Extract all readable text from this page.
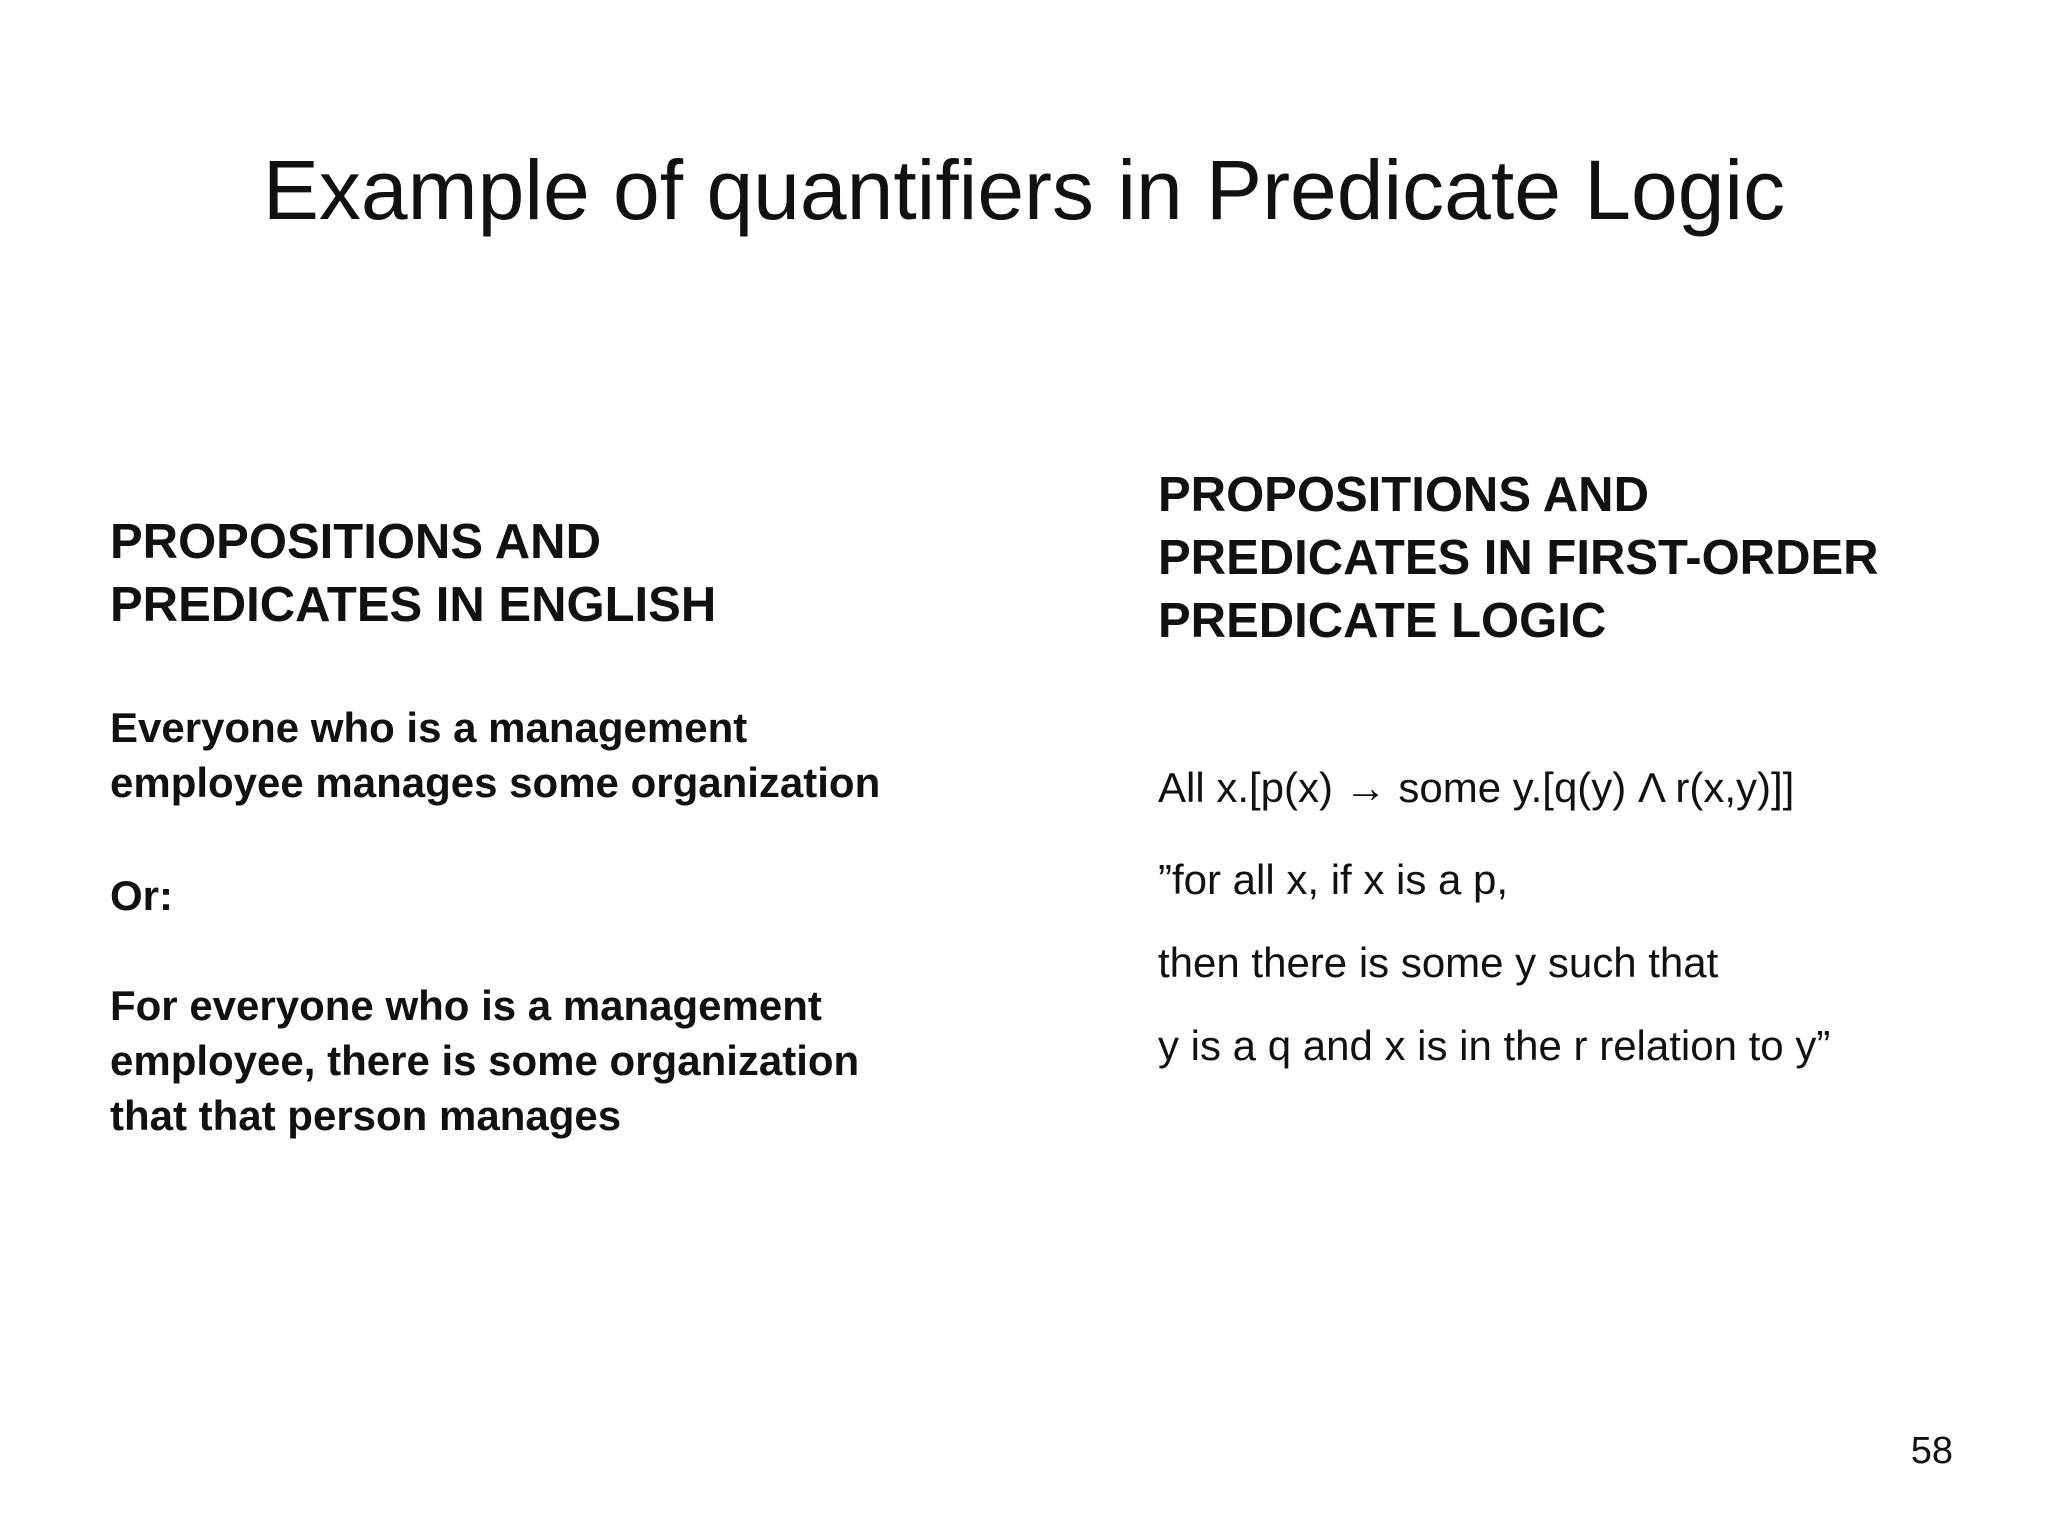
Example of quantifiers in Predicate Logic
PROPOSITIONS AND
PREDICATES IN ENGLISH

Everyone who is a management
employee manages some organization

Or:

For everyone who is a management
employee, there is some organization
that that person manages

PROPOSITIONS AND
PREDICATES IN FIRST-ORDER
PREDICATE LOGIC

All x.[p(x) → some y.[q(y) Λ r(x,y)]]

”for all x, if x is a p,

then there is some y such that

y is a q and x is in the r relation to y”

58
